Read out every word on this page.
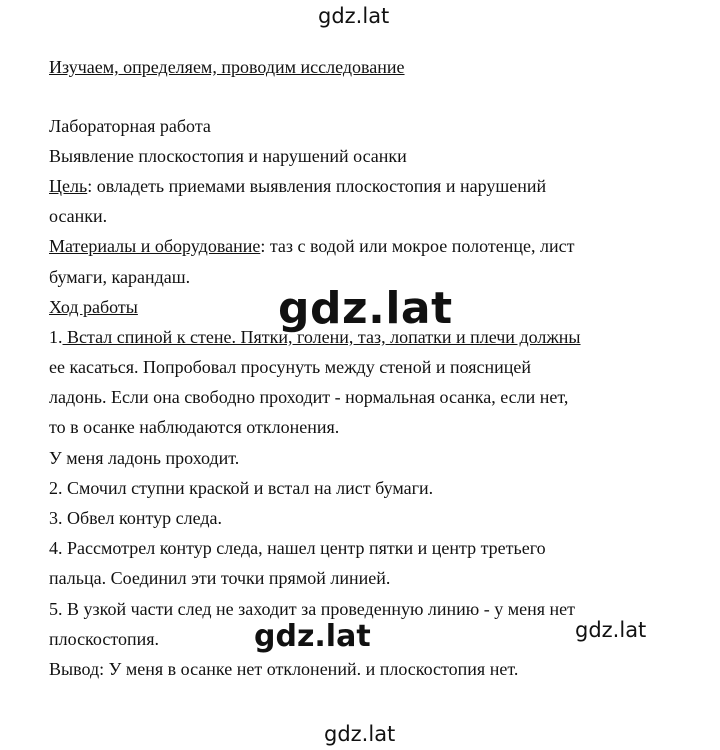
Изучаем, определяем, проводим исследование
Лабораторная работа
Выявление плоскостопия и нарушений осанки
Цель: овладеть приемами выявления плоскостопия и нарушений
осанки.
Материалы и оборудование: таз с водой или мокрое полотенце, лист
бумаги, карандаш.
Ход работы
1. Встал спиной к стене. Пятки, голени, таз, лопатки и плечи должны
ее касаться. Попробовал просунуть между стеной и поясницей
ладонь. Если она свободно проходит - нормальная осанка, если нет,
то в осанке наблюдаются отклонения.
У меня ладонь проходит.
2. Смочил ступни краской и встал на лист бумаги.
3. Обвел контур следа.
4. Рассмотрел контур следа, нашел центр пятки и центр третьего
пальца. Соединил эти точки прямой линией.
5. В узкой части след не заходит за проведенную линию - у меня нет
плоскостопия.
Вывод: У меня в осанке нет отклонений. и плоскостопия нет.
gdz.lat
gdz.lat
gdz.lat	gdz.lat
gdz.lat
